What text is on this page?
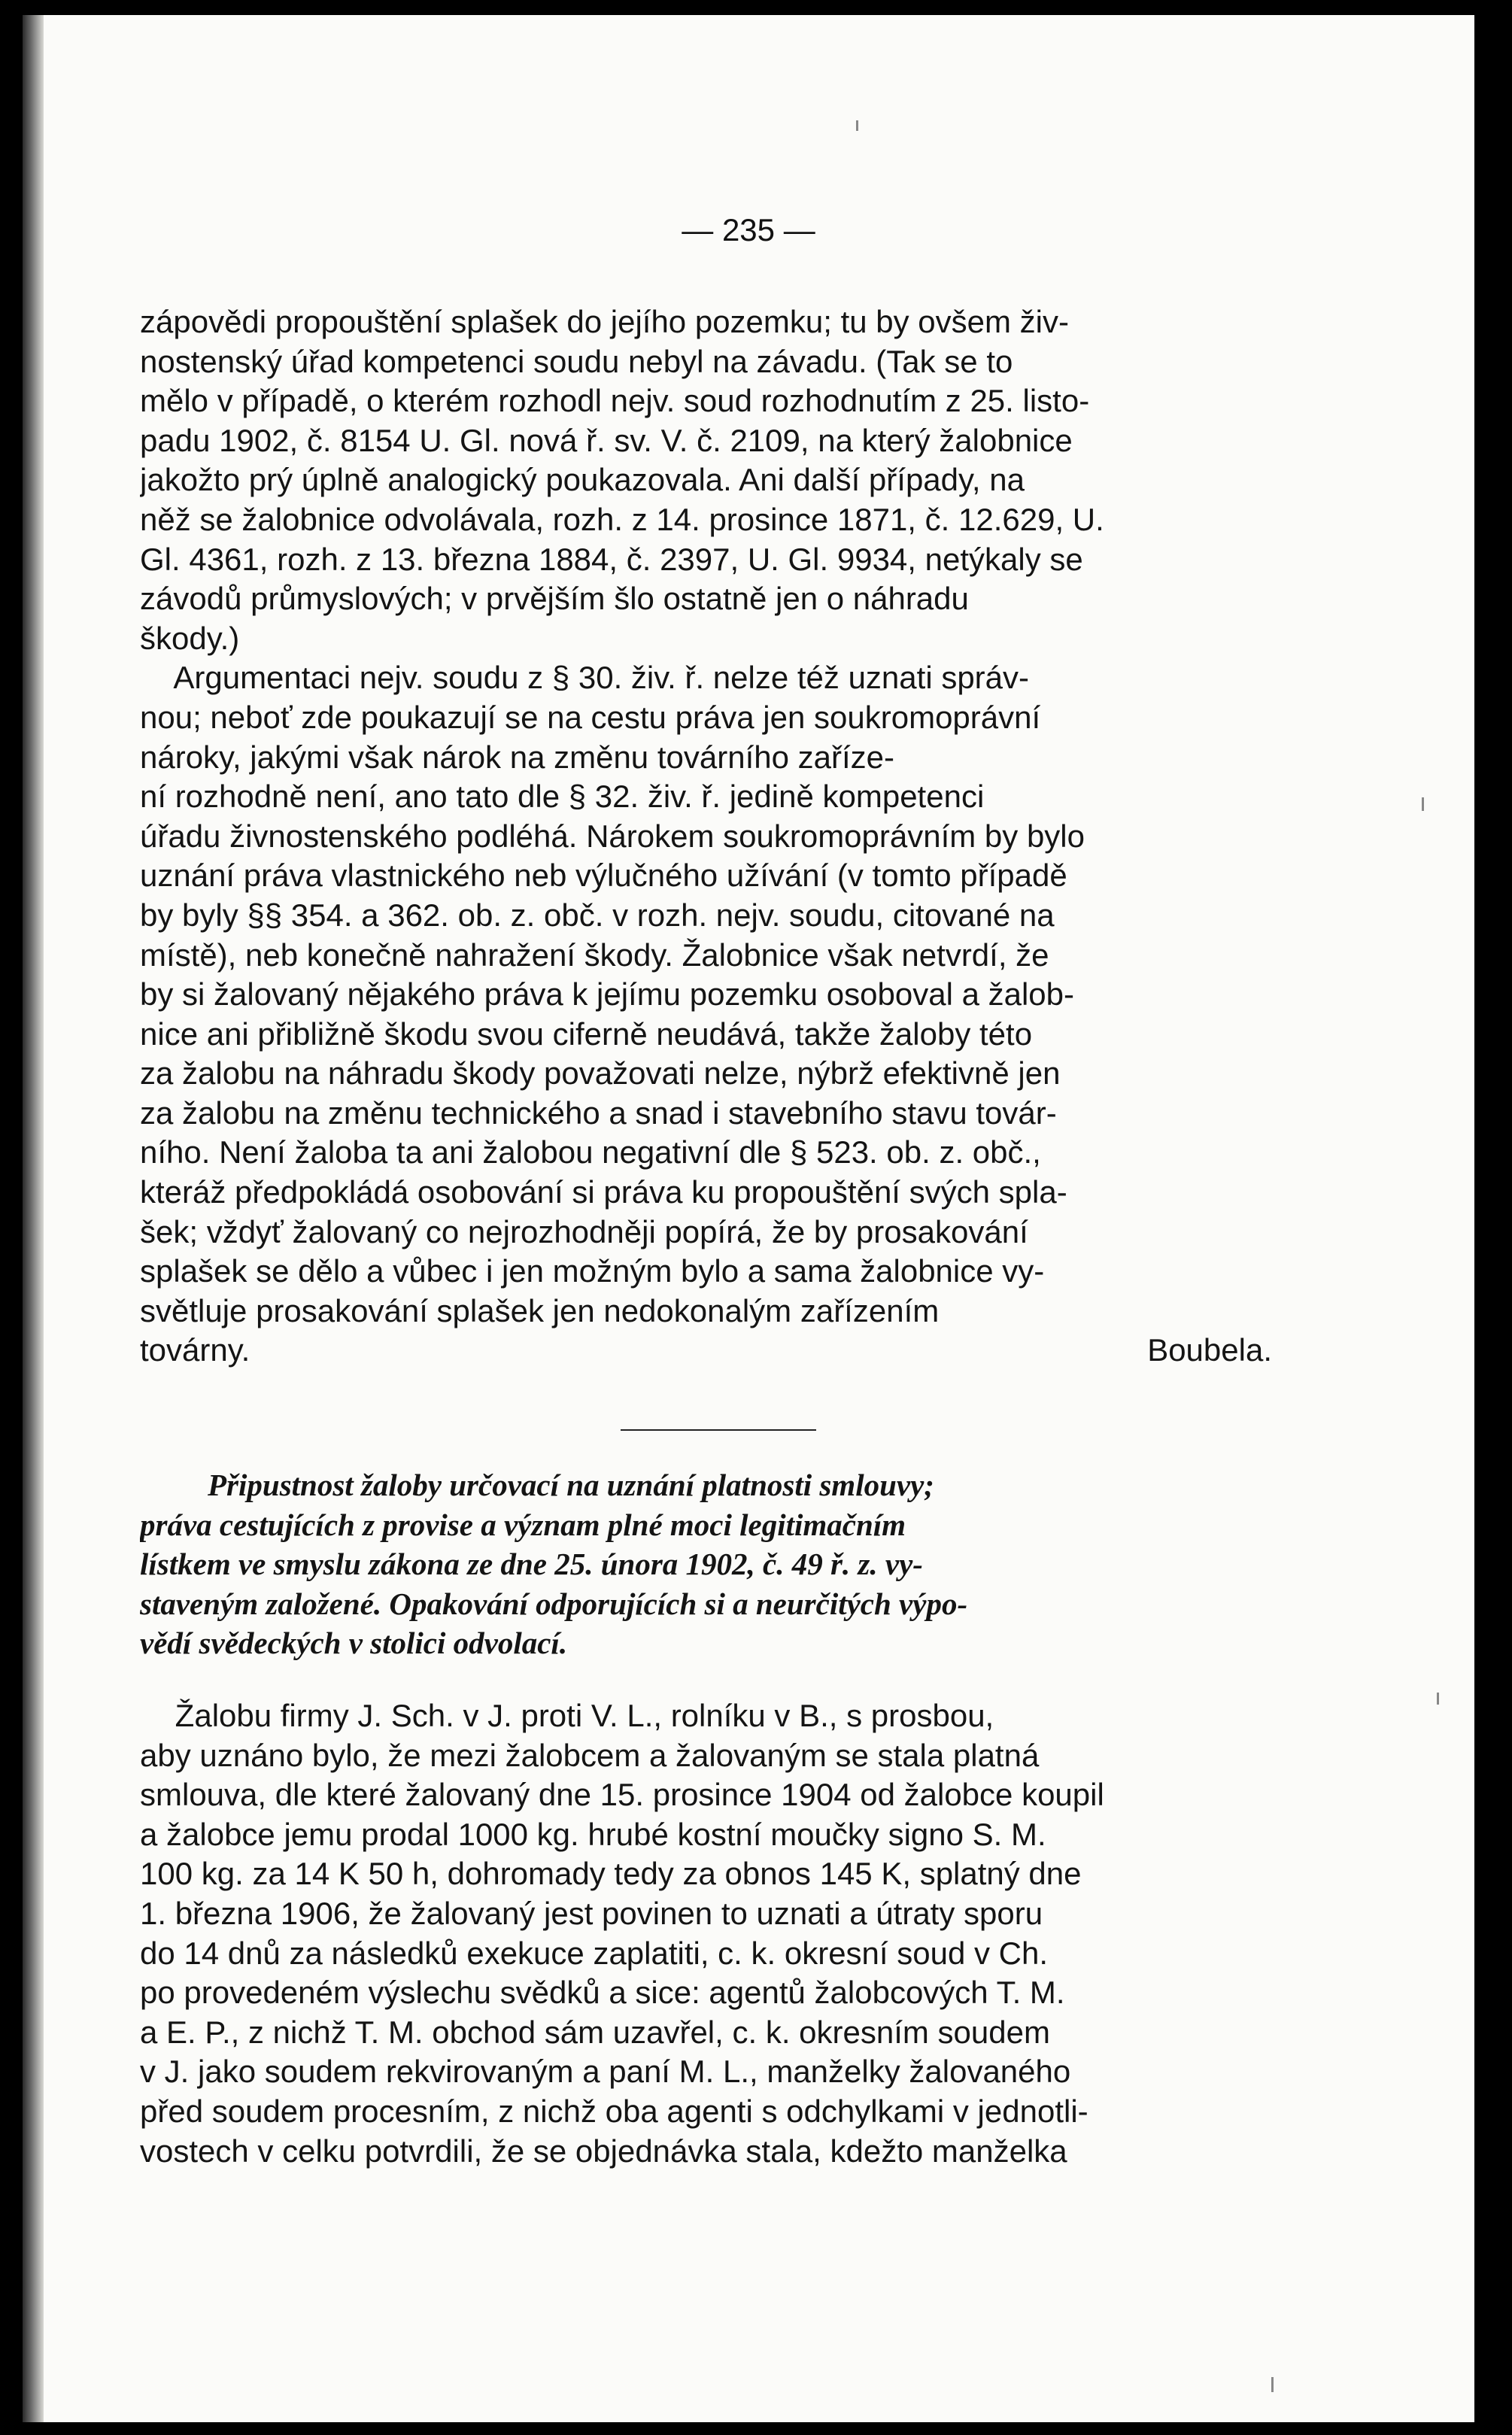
— 235 —
zápovědi propouštění splašek do jejího pozemku; tu by ovšem živ-
nostenský úřad kompetenci soudu nebyl na závadu. (Tak se to
mělo v případě, o kterém rozhodl nejv. soud rozhodnutím z 25. listo-
padu 1902, č. 8154 U. Gl. nová ř. sv. V. č. 2109, na který žalobnice
jakožto prý úplně analogický poukazovala. Ani další případy, na
něž se žalobnice odvolávala, rozh. z 14. prosince 1871, č. 12.629, U.
Gl. 4361, rozh. z 13. března 1884, č. 2397, U. Gl. 9934, netýkaly se
závodů průmyslových; v prvějším šlo ostatně jen o náhradu
škody.)
Argumentaci nejv. soudu z § 30. živ. ř. nelze též uznati správ-
nou; neboť zde poukazují se na cestu práva jen soukromoprávní
nároky, jakými však nárok na změnu továrního zaříze-
ní rozhodně není, ano tato dle § 32. živ. ř. jedině kompetenci
úřadu živnostenského podléhá. Nárokem soukromoprávním by bylo
uznání práva vlastnického neb výlučného užívání (v tomto případě
by byly §§ 354. a 362. ob. z. obč. v rozh. nejv. soudu, citované na
místě), neb konečně nahražení škody. Žalobnice však netvrdí, že
by si žalovaný nějakého práva k jejímu pozemku osoboval a žalob-
nice ani přibližně škodu svou ciferně neudává, takže žaloby této
za žalobu na náhradu škody považovati nelze, nýbrž efektivně jen
za žalobu na změnu technického a snad i stavebního stavu továr-
ního. Není žaloba ta ani žalobou negativní dle § 523. ob. z. obč.,
kteráž předpokládá osobování si práva ku propouštění svých spla-
šek; vždyť žalovaný co nejrozhodněji popírá, že by prosakování
splašek se dělo a vůbec i jen možným bylo a sama žalobnice vy-
světluje prosakování splašek jen nedokonalým zařízením
továrny.	Boubela.
Připustnost žaloby určovací na uznání platnosti smlouvy;
práva cestujících z provise a význam plné moci legitimačním
lístkem ve smyslu zákona ze dne 25. února 1902, č. 49 ř. z. vy-
staveným založené. Opakování odporujících si a neurčitých výpo-
vědí svědeckých v stolici odvolací.
Žalobu firmy J. Sch. v J. proti V. L., rolníku v B., s prosbou,
aby uznáno bylo, že mezi žalobcem a žalovaným se stala platná
smlouva, dle které žalovaný dne 15. prosince 1904 od žalobce koupil
a žalobce jemu prodal 1000 kg. hrubé kostní moučky signo S. M.
100 kg. za 14 K 50 h, dohromady tedy za obnos 145 K, splatný dne
1. března 1906, že žalovaný jest povinen to uznati a útraty sporu
do 14 dnů za následků exekuce zaplatiti, c. k. okresní soud v Ch.
po provedeném výslechu svědků a sice: agentů žalobcových T. M.
a E. P., z nichž T. M. obchod sám uzavřel, c. k. okresním soudem
v J. jako soudem rekvirovaným a paní M. L., manželky žalovaného
před soudem procesním, z nichž oba agenti s odchylkami v jednotli-
vostech v celku potvrdili, že se objednávka stala, kdežto manželka
